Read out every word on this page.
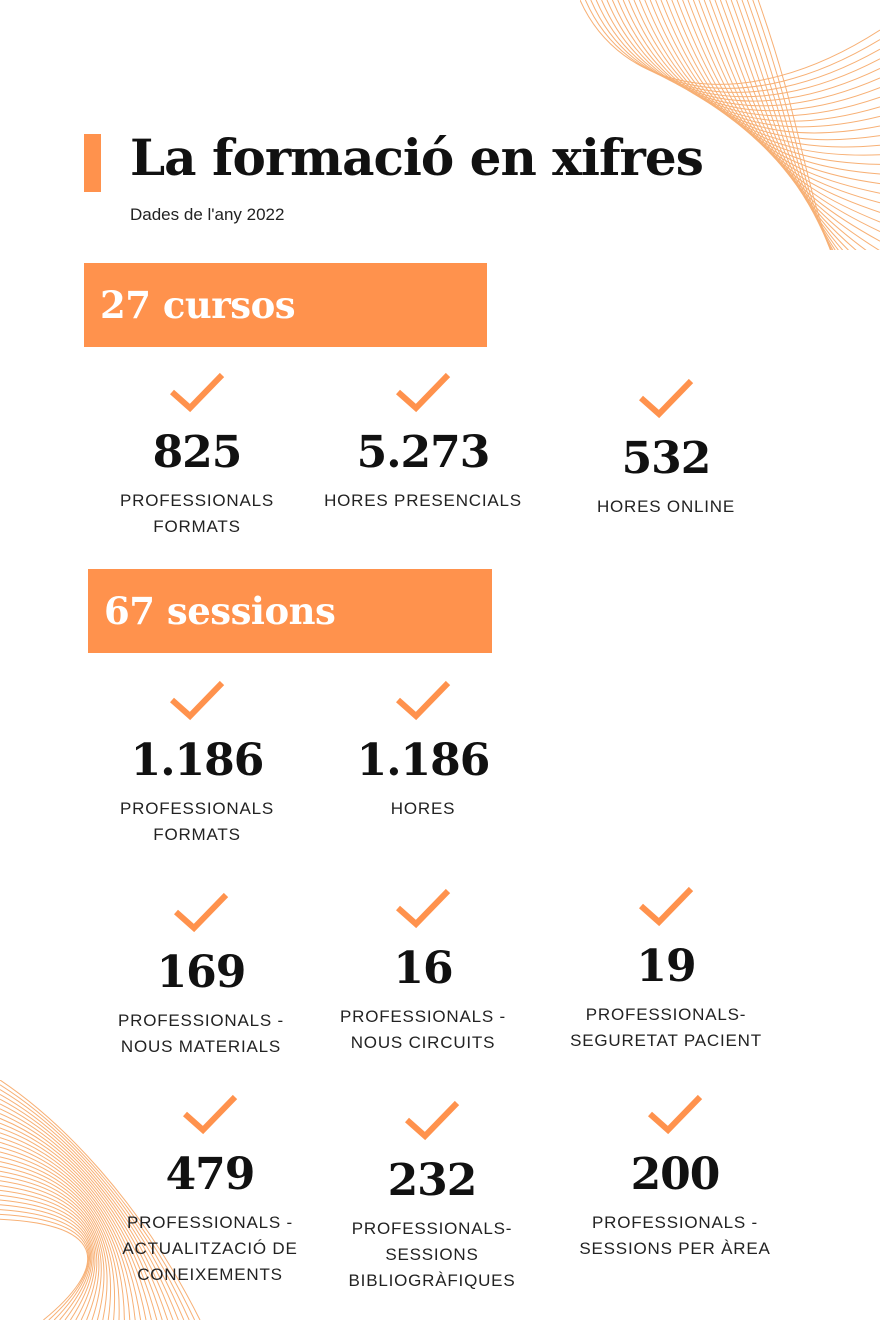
La formació en xifres
Dades de l'any 2022
27 cursos
825
PROFESSIONALS
FORMATS
5.273
HORES PRESENCIALS
532
HORES ONLINE
67 sessions
1.186
PROFESSIONALS
FORMATS
1.186
HORES
169
PROFESSIONALS -
NOUS MATERIALS
16
PROFESSIONALS -
NOUS CIRCUITS
19
PROFESSIONALS-
SEGURETAT PACIENT
479
PROFESSIONALS -
ACTUALITZACIÓ DE
CONEIXEMENTS
232
PROFESSIONALS-
SESSIONS
BIBLIOGRÀFIQUES
200
PROFESSIONALS -
SESSIONS PER ÀREA
